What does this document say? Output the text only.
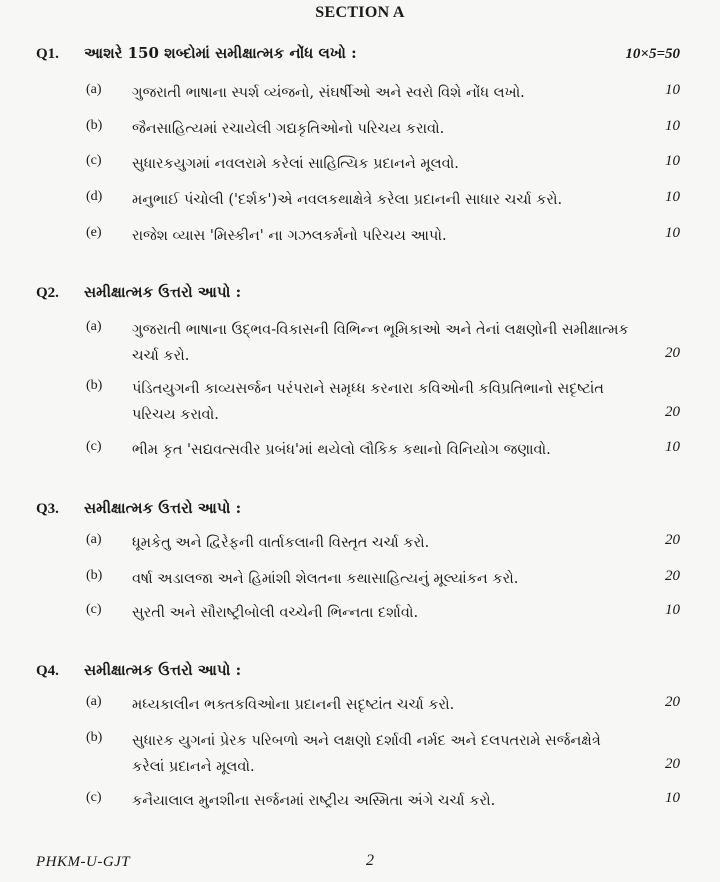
SECTION A
Q1. આશરે 150 શબ્દોમાં સમીક્ષાત્મક નોંધ લખો :	10×5=50
(a) ગુજરાતી ભાષાના સ્પર્શ વ્યંજનો, સંઘર્ષીઓ અને સ્વરો વિશે નોંધ લખો.	10
(b) જૈનસાહિત્યમાં રચાયેલી ગદ્યકૃતિઓનો પરિચય કરાવો.	10
(c) સુધારકયુગમાં નવલરામે કરેલાં સાહિત્યિક પ્રદાનને મૂલવો.	10
(d) મનુભાઈ પંચોલી ('દર્શક')એ નવલકથાક્ષેત્રે કરેલા પ્રદાનની સાધાર ચર્ચા કરો.	10
(e) રાજેશ વ્યાસ 'મિસ્કીન' ના ગઝલકર્મનો પરિચય આપો.	10
Q2. સમીક્ષાત્મક ઉત્તરો આપો :
(a) ગુજરાતી ભાષાના ઉદ્ભવ-વિકાસની વિભિન્ન ભૂમિકાઓ અને તેનાં લક્ષણોની સમીક્ષાત્મક ચર્ચા કરો.	20
(b) પંડિતયુગની કાવ્યસર્જન પરંપરાને સમૃધ્ધ કરનારા કવિઓની કવિપ્રતિભાનો સદૃષ્ટાંત પરિચય કરાવો.	20
(c) ભીમ કૃત 'સદ્યવત્સવીર પ્રબંધ'માં થયેલો લૌકિક કથાનો વિનિયોગ જણાવો.	10
Q3. સમીક્ષાત્મક ઉત્તરો આપો :
(a) ધૂમકેતુ અને દ્વિરેફની વાર્તાકલાની વિસ્તૃત ચર્ચા કરો.	20
(b) વર્ષા અડાલજા અને હિમાંશી શેલતના કથાસાહિત્યનું મૂલ્યાંકન કરો.	20
(c) સુરતી અને સૌરાષ્ટ્રીબોલી વચ્ચેની ભિન્નતા દર્શાવો.	10
Q4. સમીક્ષાત્મક ઉત્તરો આપો :
(a) મધ્યકાલીન ભક્તકવિઓના પ્રદાનની સદૃષ્ટાંત ચર્ચા કરો.	20
(b) સુધારક યુગનાં પ્રેરક પરિબળો અને લક્ષણો દર્શાવી નર્મદ અને દલપતરામે સર્જનક્ષેત્રે કરેલાં પ્રદાનને મૂલવો.	20
(c) કનૈયાલાલ મુનશીના સર્જનમાં રાષ્ટ્રીય અસ્મિતા અંગે ચર્ચા કરો.	10
PHKM-U-GJT	2
